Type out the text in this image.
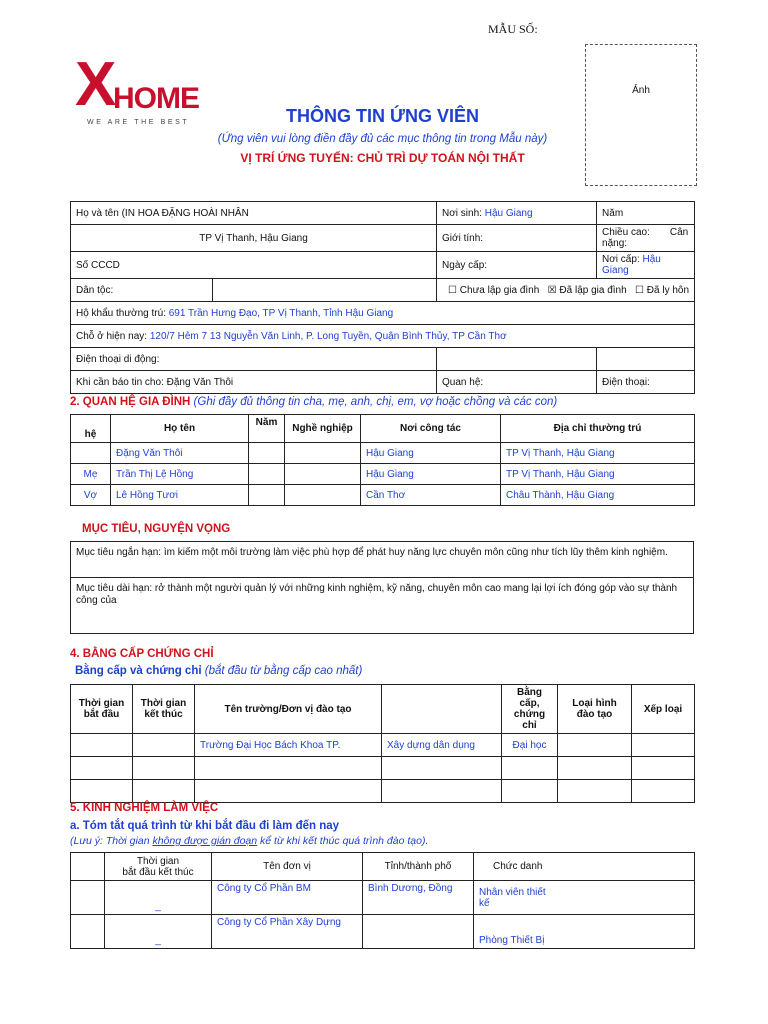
MẪU SỐ:
Ảnh
X
HOME
WE ARE THE BEST	THÔNG TIN ỨNG VIÊN
(Ứng viên vui lòng điền đầy đủ các mục thông tin trong Mẫu này)
VỊ TRÍ ỨNG TUYỂN: CHỦ TRÌ DỰ TOÁN NỘI THẤT
Họ và tên (IN HOA ĐẶNG HOÀI NHÂN		Nơi sinh: Hậu Giang	Năm
TP Vị Thanh, Hậu Giang		Giới tính:	Chiều cao: Cân nặng:
Số CCCD		Ngày cấp:	Nơi cấp: Hậu Giang
Dân tộc:		☐ Chưa lập gia đình ☒ Đã lập gia đình ☐ Đã ly hôn	
Hộ khẩu thường trú: 691 Trần Hưng Đạo, TP Vị Thanh, Tỉnh Hậu Giang			
Chỗ ở hiện nay: 120/7 Hẻm 7 13 Nguyễn Văn Linh, P. Long Tuyền, Quận Bình Thủy, TP Cần Thơ			
Điện thoại di động:			
Khi cần báo tin cho: Đặng Văn Thôi		Quan hệ:	Điện thoại:
2. QUAN HỆ GIA ĐÌNH (Ghi đầy đủ thông tin cha, mẹ, anh, chị, em, vợ hoặc chồng và các con)
hệ	Họ tên	Năm	Nghề nghiệp	Nơi công tác	Địa chỉ thường trú
	Đặng Văn Thôi			Hậu Giang	TP Vị Thanh, Hậu Giang
Mẹ	Trần Thị Lệ Hồng			Hậu Giang	TP Vị Thanh, Hậu Giang
Vợ	Lê Hồng Tươi			Cần Thơ	Châu Thành, Hậu Giang
MỤC TIÊU, NGUYỆN VỌNG
Mục tiêu ngắn hạn: ìm kiếm một môi trường làm việc phù hợp để phát huy năng lực chuyên môn cũng như tích lũy thêm kinh nghiệm.
Mục tiêu dài hạn: rở thành một người quản lý với những kinh nghiệm, kỹ năng, chuyên môn cao mang lại lợi ích đóng góp vào sự thành công của
4. BẰNG CẤP CHỨNG CHỈ
Bằng cấp và chứng chỉ (bắt đầu từ bằng cấp cao nhất)
Thời gian bắt đầu	Thời gian kết thúc	Tên trường/Đơn vị đào tạo		Bằng cấp, chứng chỉ	Loại hình đào tạo	Xếp loại
		Trường Đại Học Bách Khoa TP.	Xây dựng dân dụng	Đại học		

5. KINH NGHIỆM LÀM VIỆC
a. Tóm tắt quá trình từ khi bắt đầu đi làm đến nay
(Lưu ý: Thời gian không được gián đoạn kể từ khi kết thúc quá trình đào tạo).
	Thời gian
bắt đầu kết thúc	Tên đơn vị	Tỉnh/thành phố	Chức danh	
	_	Công ty Cổ Phần BM	Bình Dương, Đồng	Nhân viên thiết kế	
	_	Công ty Cổ Phần Xây Dựng		Phòng Thiết Bị	
